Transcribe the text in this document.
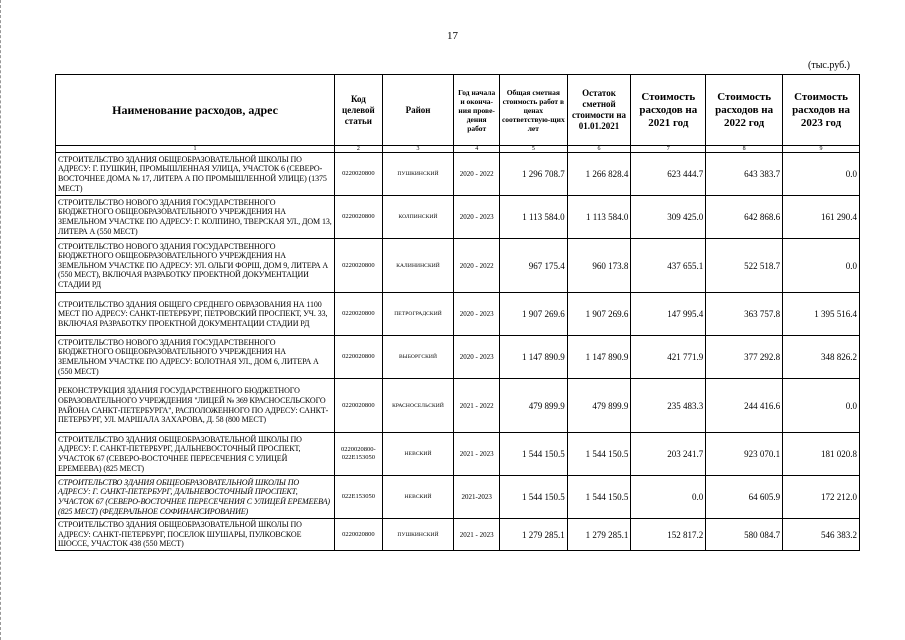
17
(тыс.руб.)
Наименование расходов, адрес	Код целевой статьи	Район	Год начала и оконча-ния прове-дения работ	Общая сметная стоимость работ в ценах соответствую-щих лет	Остаток сметной стоимости на 01.01.2021	Стоимость расходов на 2021 год	Стоимость расходов на 2022 год	Стоимость расходов на 2023 год
1	2	3	4	5	6	7	8	9
СТРОИТЕЛЬСТВО ЗДАНИЯ ОБЩЕОБРАЗОВАТЕЛЬНОЙ ШКОЛЫ ПО АДРЕСУ: Г. ПУШКИН, ПРОМЫШЛЕННАЯ УЛИЦА, УЧАСТОК 6 (СЕВЕРО-ВОСТОЧНЕЕ ДОМА № 17, ЛИТЕРА А ПО ПРОМЫШЛЕННОЙ УЛИЦЕ) (1375 МЕСТ)	0220020800	ПУШКИНСКИЙ	2020 - 2022	1 296 708.7	1 266 828.4	623 444.7	643 383.7	0.0
СТРОИТЕЛЬСТВО НОВОГО ЗДАНИЯ ГОСУДАРСТВЕННОГО БЮДЖЕТНОГО ОБЩЕОБРАЗОВАТЕЛЬНОГО УЧРЕЖДЕНИЯ НА ЗЕМЕЛЬНОМ УЧАСТКЕ ПО АДРЕСУ: Г. КОЛПИНО, ТВЕРСКАЯ УЛ., ДОМ 13, ЛИТЕРА А (550 МЕСТ)	0220020800	КОЛПИНСКИЙ	2020 - 2023	1 113 584.0	1 113 584.0	309 425.0	642 868.6	161 290.4
СТРОИТЕЛЬСТВО НОВОГО ЗДАНИЯ ГОСУДАРСТВЕННОГО БЮДЖЕТНОГО ОБЩЕОБРАЗОВАТЕЛЬНОГО УЧРЕЖДЕНИЯ НА ЗЕМЕЛЬНОМ УЧАСТКЕ ПО АДРЕСУ: УЛ. ОЛЬГИ ФОРШ, ДОМ 9, ЛИТЕРА А (550 МЕСТ), ВКЛЮЧАЯ РАЗРАБОТКУ ПРОЕКТНОЙ ДОКУМЕНТАЦИИ СТАДИИ РД	0220020800	КАЛИНИНСКИЙ	2020 - 2022	967 175.4	960 173.8	437 655.1	522 518.7	0.0
СТРОИТЕЛЬСТВО ЗДАНИЯ ОБЩЕГО СРЕДНЕГО ОБРАЗОВАНИЯ НА 1100 МЕСТ ПО АДРЕСУ: САНКТ-ПЕТЕРБУРГ, ПЕТРОВСКИЙ ПРОСПЕКТ, УЧ. 33, ВКЛЮЧАЯ РАЗРАБОТКУ ПРОЕКТНОЙ ДОКУМЕНТАЦИИ СТАДИИ РД	0220020800	ПЕТРОГРАДСКИЙ	2020 - 2023	1 907 269.6	1 907 269.6	147 995.4	363 757.8	1 395 516.4
СТРОИТЕЛЬСТВО НОВОГО ЗДАНИЯ ГОСУДАРСТВЕННОГО БЮДЖЕТНОГО ОБЩЕОБРАЗОВАТЕЛЬНОГО УЧРЕЖДЕНИЯ НА ЗЕМЕЛЬНОМ УЧАСТКЕ ПО АДРЕСУ: БОЛОТНАЯ УЛ., ДОМ 6, ЛИТЕРА А (550 МЕСТ)	0220020800	ВЫБОРГСКИЙ	2020 - 2023	1 147 890.9	1 147 890.9	421 771.9	377 292.8	348 826.2
РЕКОНСТРУКЦИЯ ЗДАНИЯ ГОСУДАРСТВЕННОГО БЮДЖЕТНОГО ОБРАЗОВАТЕЛЬНОГО УЧРЕЖДЕНИЯ "ЛИЦЕЙ № 369 КРАСНОСЕЛЬСКОГО РАЙОНА САНКТ-ПЕТЕРБУРГА", РАСПОЛОЖЕННОГО ПО АДРЕСУ: САНКТ-ПЕТЕРБУРГ, УЛ. МАРШАЛА ЗАХАРОВА, Д. 58 (800 МЕСТ)	0220020800	КРАСНОСЕЛЬСКИЙ	2021 - 2022	479 899.9	479 899.9	235 483.3	244 416.6	0.0
СТРОИТЕЛЬСТВО ЗДАНИЯ ОБЩЕОБРАЗОВАТЕЛЬНОЙ ШКОЛЫ ПО АДРЕСУ: Г. САНКТ-ПЕТЕРБУРГ, ДАЛЬНЕВОСТОЧНЫЙ ПРОСПЕКТ, УЧАСТОК 67 (СЕВЕРО-ВОСТОЧНЕЕ ПЕРЕСЕЧЕНИЯ С УЛИЦЕЙ ЕРЕМЕЕВА) (825 МЕСТ)	0220020800-022Е153050	НЕВСКИЙ	2021 - 2023	1 544 150.5	1 544 150.5	203 241.7	923 070.1	181 020.8
СТРОИТЕЛЬСТВО ЗДАНИЯ ОБЩЕОБРАЗОВАТЕЛЬНОЙ ШКОЛЫ ПО АДРЕСУ: Г. САНКТ-ПЕТЕРБУРГ, ДАЛЬНЕВОСТОЧНЫЙ ПРОСПЕКТ, УЧАСТОК 67 (СЕВЕРО-ВОСТОЧНЕЕ ПЕРЕСЕЧЕНИЯ С УЛИЦЕЙ ЕРЕМЕЕВА) (825 МЕСТ) (ФЕДЕРАЛЬНОЕ СОФИНАНСИРОВАНИЕ)	022Е153050	НЕВСКИЙ	2021-2023	1 544 150.5	1 544 150.5	0.0	64 605.9	172 212.0
СТРОИТЕЛЬСТВО ЗДАНИЯ ОБЩЕОБРАЗОВАТЕЛЬНОЙ ШКОЛЫ ПО АДРЕСУ: САНКТ-ПЕТЕРБУРГ, ПОСЕЛОК ШУШАРЫ, ПУЛКОВСКОЕ ШОССЕ, УЧАСТОК 438 (550 МЕСТ)	0220020800	ПУШКИНСКИЙ	2021 - 2023	1 279 285.1	1 279 285.1	152 817.2	580 084.7	546 383.2
